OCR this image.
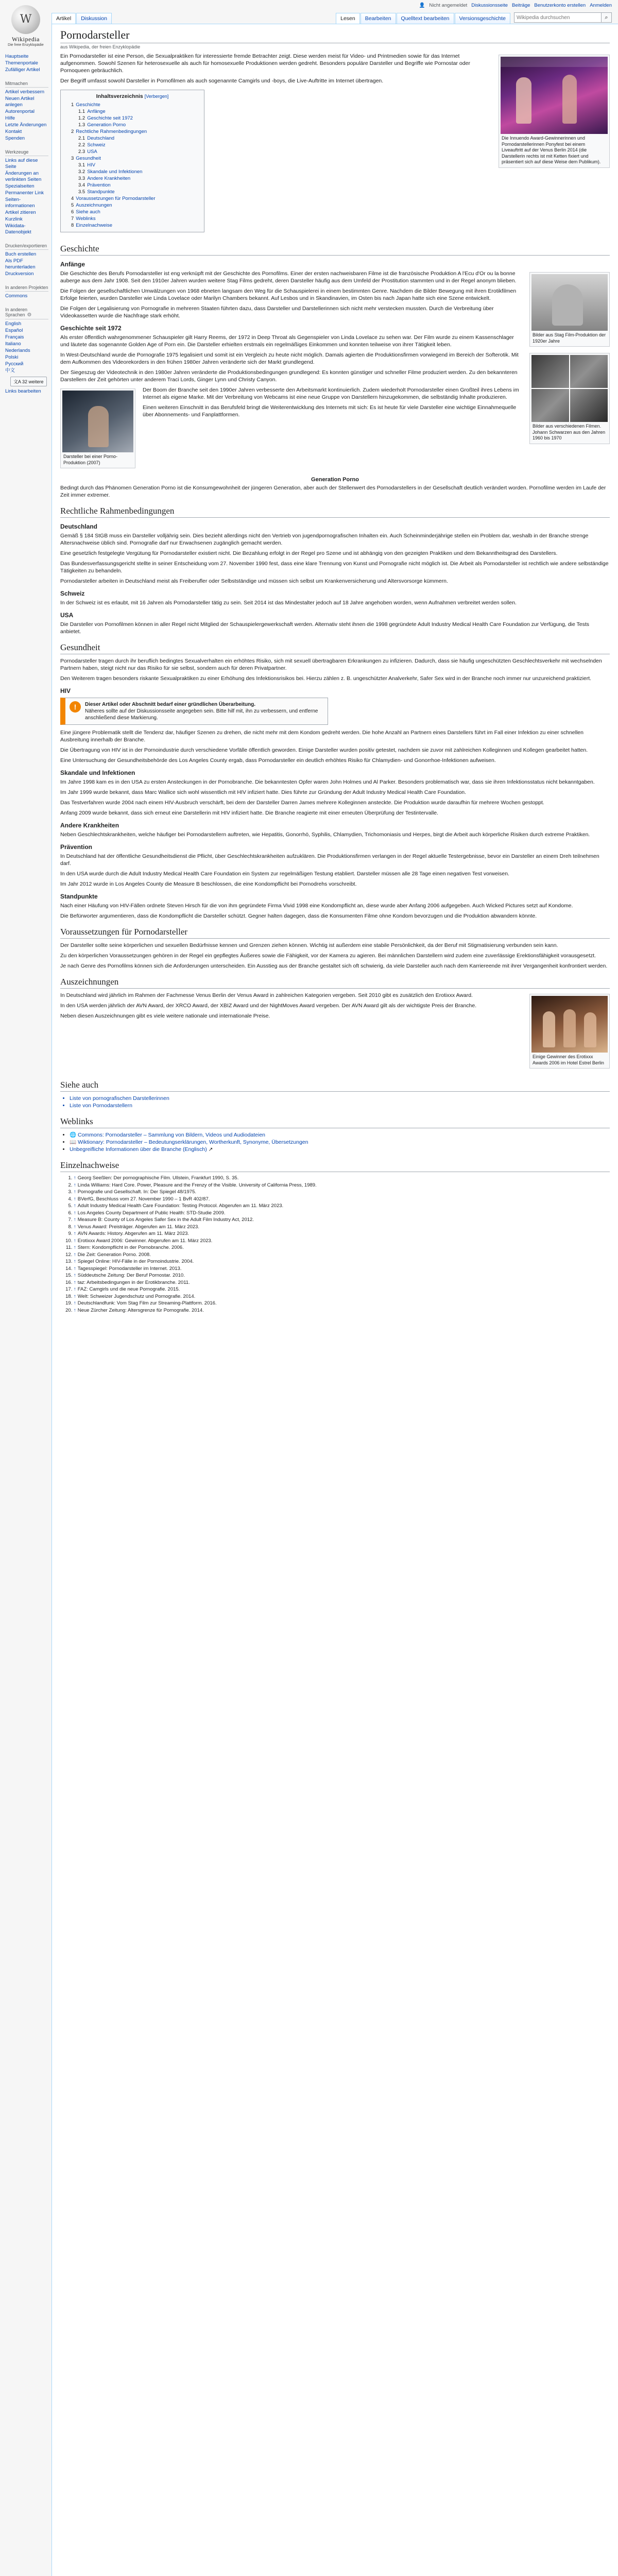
W
Wikipedia
Die freie Enzyklopädie
Hauptseite
Themenportale
Zufälliger Artikel
Mitmachen
Artikel verbessern
Neuen Artikel anlegen
Autorenportal
Hilfe
Letzte Änderungen
Kontakt
Spenden
Werkzeuge
Links auf diese Seite
Änderungen an verlinkten Seiten
Spezialseiten
Permanenter Link
Seiteninformationen
Artikel zitieren
Kurzlink
Wikidata-Datenobjekt
Drucken/exportieren
Buch erstellen
Als PDF herunterladen
Druckversion
In anderen Projekten
Commons
In anderen Sprachen ⚙
English
Español
Français
Italiano
Nederlands
Polski
Русский
中文
文A 32 weitere
Links bearbeiten
👤 Nicht angemeldet Diskussionsseite Beiträge Benutzerkonto erstellen Anmelden
Artikel	Diskussion	Lesen	Bearbeiten	Quelltext bearbeiten	Versionsgeschichte
Wikipedia durchsuchen	⌕
Pornodarsteller
aus Wikipedia, der freien Enzyklopädie
Die Innuendo Award-Gewinnerinnen und Pornodarstellerinnen Ponyfest bei einem Liveauftritt auf der Venus Berlin 2014 (die Darstellerin rechts ist mit Ketten fixiert und präsentiert sich auf diese Weise dem Publikum).

Ein Pornodarsteller ist eine Person, die Sexualpraktiken für interessierte fremde Betrachter zeigt. Diese werden meist für Video- und Printmedien sowie für das Internet aufgenommen. Sowohl Szenen für heterosexuelle als auch für homosexuelle Produktionen werden gedreht. Besonders populäre Darsteller und Begriffe wie Pornostar oder Pornoqueen gebräuchlich.

Der Begriff umfasst sowohl Darsteller in Pornofilmen als auch sogenannte Camgirls und -boys, die Live-Auftritte im Internet übertragen.

Inhaltsverzeichnis [Verbergen]
1 Geschichte
1.1 Anfänge
1.2 Geschichte seit 1972
1.3 Generation Porno
2 Rechtliche Rahmenbedingungen
2.1 Deutschland
2.2 Schweiz
2.3 USA
3 Gesundheit
3.1 HIV
3.2 Skandale und Infektionen
3.3 Andere Krankheiten
3.4 Prävention
3.5 Standpunkte
4 Voraussetzungen für Pornodarsteller
5 Auszeichnungen
6 Siehe auch
7 Weblinks
8 Einzelnachweise
Geschichte
Anfänge
Bilder aus Stag Film-Produktion der 1920er Jahre

Die Geschichte des Berufs Pornodarsteller ist eng verknüpft mit der Geschichte des Pornofilms. Einer der ersten nachweisbaren Filme ist die französische Produktion A l'Ecu d'Or ou la bonne auberge aus dem Jahr 1908. Seit den 1910er Jahren wurden weitere Stag Films gedreht, deren Darsteller häufig aus dem Umfeld der Prostitution stammten und in der Regel anonym blieben.

Die Folgen der gesellschaftlichen Umwälzungen von 1968 ebneten langsam den Weg für die Schauspielerei in einem bestimmten Genre. Nachdem die Bilder Bewegung mit ihren Erotikfilmen Erfolge feierten, wurden Darsteller wie Linda Lovelace oder Marilyn Chambers bekannt. Auf Lesbos und in Skandinavien, im Osten bis nach Japan hatte sich eine Szene entwickelt.

Die Folgen der Legalisierung von Pornografie in mehreren Staaten führten dazu, dass Darsteller und Darstellerinnen sich nicht mehr verstecken mussten. Durch die Verbreitung über Videokassetten wurde die Nachfrage stark erhöht.

Geschichte seit 1972
Bilder aus verschiedenen Filmen. Johann Schwarzen aus den Jahren 1960 bis 1970

Als erster öffentlich wahrgenommener Schauspieler gilt Harry Reems, der 1972 in Deep Throat als Gegenspieler von Linda Lovelace zu sehen war. Der Film wurde zu einem Kassenschlager und läutete das sogenannte Golden Age of Porn ein. Die Darsteller erhielten erstmals ein regelmäßiges Einkommen und konnten teilweise von ihrer Tätigkeit leben.

In West-Deutschland wurde die Pornografie 1975 legalisiert und somit ist ein Vergleich zu heute nicht möglich. Damals agierten die Produktionsfirmen vorwiegend im Bereich der Softerotik. Mit dem Aufkommen des Videorekorders in den frühen 1980er Jahren veränderte sich der Markt grundlegend.

Der Siegeszug der Videotechnik in den 1980er Jahren veränderte die Produktionsbedingungen grundlegend: Es konnten günstiger und schneller Filme produziert werden. Zu den bekannteren Darstellern der Zeit gehörten unter anderem Traci Lords, Ginger Lynn und Christy Canyon.

Darsteller bei einer Porno-Produktion (2007)

Der Boom der Branche seit den 1990er Jahren verbesserte den Arbeitsmarkt kontinuierlich. Zudem wiederholt Pornodarsteller einen Großteil ihres Lebens im Internet als eigene Marke. Mit der Verbreitung von Webcams ist eine neue Gruppe von Darstellern hinzugekommen, die selbständig Inhalte produzieren.

Einen weiteren Einschnitt in das Berufsfeld bringt die Weiterentwicklung des Internets mit sich: Es ist heute für viele Darsteller eine wichtige Einnahmequelle über Abonnements- und Fanplattformen.

Generation Porno

Bedingt durch das Phänomen Generation Porno ist die Konsumgewohnheit der jüngeren Generation, aber auch der Stellenwert des Pornodarstellers in der Gesellschaft deutlich verändert worden. Pornofilme werden im Laufe der Zeit immer extremer.

Rechtliche Rahmenbedingungen
Deutschland

Gemäß § 184 StGB muss ein Darsteller volljährig sein. Dies bezieht allerdings nicht den Vertrieb von jugendpornografischen Inhalten ein. Auch Scheinminderjährige stellen ein Problem dar, weshalb in der Branche strenge Altersnachweise üblich sind. Pornografie darf nur Erwachsenen zugänglich gemacht werden.

Eine gesetzlich festgelegte Vergütung für Pornodarsteller existiert nicht. Die Bezahlung erfolgt in der Regel pro Szene und ist abhängig von den gezeigten Praktiken und dem Bekanntheitsgrad des Darstellers.

Das Bundesverfassungsgericht stellte in seiner Entscheidung vom 27. November 1990 fest, dass eine klare Trennung von Kunst und Pornografie nicht möglich ist. Die Arbeit als Pornodarsteller ist rechtlich wie andere selbständige Tätigkeiten zu behandeln.

Pornodarsteller arbeiten in Deutschland meist als Freiberufler oder Selbstständige und müssen sich selbst um Krankenversicherung und Altersvorsorge kümmern.

Schweiz

In der Schweiz ist es erlaubt, mit 16 Jahren als Pornodarsteller tätig zu sein. Seit 2014 ist das Mindestalter jedoch auf 18 Jahre angehoben worden, wenn Aufnahmen verbreitet werden sollen.

USA

Die Darsteller von Pornofilmen können in aller Regel nicht Mitglied der Schauspielergewerkschaft werden. Alternativ steht ihnen die 1998 gegründete Adult Industry Medical Health Care Foundation zur Verfügung, die Tests anbietet.

Gesundheit

Pornodarsteller tragen durch ihr beruflich bedingtes Sexualverhalten ein erhöhtes Risiko, sich mit sexuell übertragbaren Erkrankungen zu infizieren. Dadurch, dass sie häufig ungeschützten Geschlechtsverkehr mit wechselnden Partnern haben, steigt nicht nur das Risiko für sie selbst, sondern auch für deren Privatpartner.

Den Weiterem tragen besonders riskante Sexualpraktiken zu einer Erhöhung des Infektionsrisikos bei. Hierzu zählen z. B. ungeschützter Analverkehr, Safer Sex wird in der Branche noch immer nur unzureichend praktiziert.

HIV
!	Dieser Artikel oder Abschnitt bedarf einer gründlichen Überarbeitung.
Näheres sollte auf der Diskussionsseite angegeben sein. Bitte hilf mit, ihn zu verbessern, und entferne anschließend diese Markierung.

Eine jüngere Problematik stellt die Tendenz dar, häufiger Szenen zu drehen, die nicht mehr mit dem Kondom gedreht werden. Die hohe Anzahl an Partnern eines Darstellers führt im Fall einer Infektion zu einer schnellen Ausbreitung innerhalb der Branche.

Die Übertragung von HIV ist in der Pornoindustrie durch verschiedene Vorfälle öffentlich geworden. Einige Darsteller wurden positiv getestet, nachdem sie zuvor mit zahlreichen Kolleginnen und Kollegen gearbeitet hatten.

Eine Untersuchung der Gesundheitsbehörde des Los Angeles County ergab, dass Pornodarsteller ein deutlich erhöhtes Risiko für Chlamydien- und Gonorrhoe-Infektionen aufweisen.

Skandale und Infektionen

Im Jahre 1998 kam es in den USA zu ersten Ansteckungen in der Pornobranche. Die bekanntesten Opfer waren John Holmes und Al Parker. Besonders problematisch war, dass sie ihren Infektionsstatus nicht bekanntgaben.

Im Jahr 1999 wurde bekannt, dass Marc Wallice sich wohl wissentlich mit HIV infiziert hatte. Dies führte zur Gründung der Adult Industry Medical Health Care Foundation.

Das Testverfahren wurde 2004 nach einem HIV-Ausbruch verschärft, bei dem der Darsteller Darren James mehrere Kolleginnen ansteckte. Die Produktion wurde daraufhin für mehrere Wochen gestoppt.

Anfang 2009 wurde bekannt, dass sich erneut eine Darstellerin mit HIV infiziert hatte. Die Branche reagierte mit einer erneuten Überprüfung der Testintervalle.

Andere Krankheiten

Neben Geschlechtskrankheiten, welche häufiger bei Pornodarstellern auftreten, wie Hepatitis, Gonorrhö, Syphilis, Chlamydien, Trichomoniasis und Herpes, birgt die Arbeit auch körperliche Risiken durch extreme Praktiken.

Prävention

In Deutschland hat der öffentliche Gesundheitsdienst die Pflicht, über Geschlechtskrankheiten aufzuklären. Die Produktionsfirmen verlangen in der Regel aktuelle Testergebnisse, bevor ein Darsteller an einem Dreh teilnehmen darf.

In den USA wurde durch die Adult Industry Medical Health Care Foundation ein System zur regelmäßigen Testung etabliert. Darsteller müssen alle 28 Tage einen negativen Test vorweisen.

Im Jahr 2012 wurde in Los Angeles County die Measure B beschlossen, die eine Kondompflicht bei Pornodrehs vorschreibt.

Standpunkte

Nach einer Häufung von HIV-Fällen ordnete Steven Hirsch für die von ihm gegründete Firma Vivid 1998 eine Kondompflicht an, diese wurde aber Anfang 2006 aufgegeben. Auch Wicked Pictures setzt auf Kondome.

Die Befürworter argumentieren, dass die Kondompflicht die Darsteller schützt. Gegner halten dagegen, dass die Konsumenten Filme ohne Kondom bevorzugen und die Produktion abwandern könnte.

Voraussetzungen für Pornodarsteller

Der Darsteller sollte seine körperlichen und sexuellen Bedürfnisse kennen und Grenzen ziehen können. Wichtig ist außerdem eine stabile Persönlichkeit, da der Beruf mit Stigmatisierung verbunden sein kann.

Zu den körperlichen Voraussetzungen gehören in der Regel ein gepflegtes Äußeres sowie die Fähigkeit, vor der Kamera zu agieren. Bei männlichen Darstellern wird zudem eine zuverlässige Erektionsfähigkeit vorausgesetzt.

Je nach Genre des Pornofilms können sich die Anforderungen unterscheiden. Ein Ausstieg aus der Branche gestaltet sich oft schwierig, da viele Darsteller auch nach dem Karriereende mit ihrer Vergangenheit konfrontiert werden.

Auszeichnungen
Einige Gewinner des Erotixxx Awards 2006 im Hotel Estrel Berlin

In Deutschland wird jährlich im Rahmen der Fachmesse Venus Berlin der Venus Award in zahlreichen Kategorien vergeben. Seit 2010 gibt es zusätzlich den Erotixxx Award.

In den USA werden jährlich der AVN Award, der XRCO Award, der XBIZ Award und der NightMoves Award vergeben. Der AVN Award gilt als der wichtigste Preis der Branche.

Neben diesen Auszeichnungen gibt es viele weitere nationale und internationale Preise.

Siehe auch
• Liste von pornografischen Darstellerinnen
• Liste von Pornodarstellern
Weblinks
• 🌐 Commons: Pornodarsteller – Sammlung von Bildern, Videos und Audiodateien
• 📖 Wiktionary: Pornodarsteller – Bedeutungserklärungen, Wortherkunft, Synonyme, Übersetzungen
• Unbegreifliche Informationen über die Branche (Englisch) ↗
Einzelnachweise
1. ↑ Georg Seeßlen: Der pornographische Film. Ullstein, Frankfurt 1990, S. 35.
2. ↑ Linda Williams: Hard Core. Power, Pleasure and the Frenzy of the Visible. University of California Press, 1989.
3. ↑ Pornografie und Gesellschaft. In: Der Spiegel 48/1975.
4. ↑ BVerfG, Beschluss vom 27. November 1990 – 1 BvR 402/87.
5. ↑ Adult Industry Medical Health Care Foundation: Testing Protocol. Abgerufen am 11. März 2023.
6. ↑ Los Angeles County Department of Public Health: STD-Studie 2009.
7. ↑ Measure B: County of Los Angeles Safer Sex in the Adult Film Industry Act, 2012.
8. ↑ Venus Award: Preisträger. Abgerufen am 11. März 2023.
9. ↑ AVN Awards: History. Abgerufen am 11. März 2023.
10. ↑ Erotixxx Award 2006: Gewinner. Abgerufen am 11. März 2023.
11. ↑ Stern: Kondompflicht in der Pornobranche. 2006.
12. ↑ Die Zeit: Generation Porno. 2008.
13. ↑ Spiegel Online: HIV-Fälle in der Pornoindustrie. 2004.
14. ↑ Tagesspiegel: Pornodarsteller im Internet. 2013.
15. ↑ Süddeutsche Zeitung: Der Beruf Pornostar. 2010.
16. ↑ taz: Arbeitsbedingungen in der Erotikbranche. 2011.
17. ↑ FAZ: Camgirls und die neue Pornografie. 2015.
18. ↑ Welt: Schweizer Jugendschutz und Pornografie. 2014.
19. ↑ Deutschlandfunk: Vom Stag Film zur Streaming-Plattform. 2016.
20. ↑ Neue Zürcher Zeitung: Altersgrenze für Pornografie. 2014.
